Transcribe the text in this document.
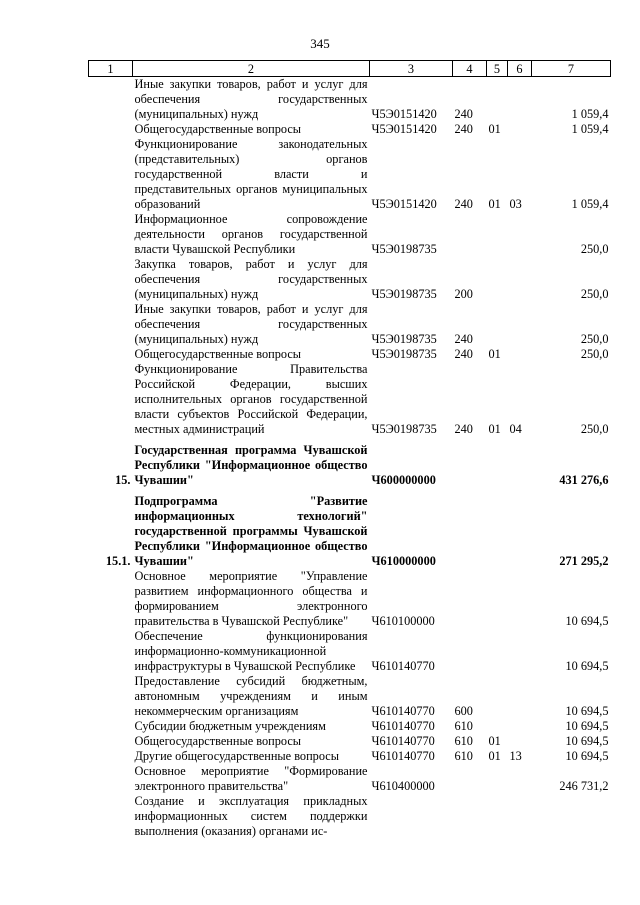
345
1	2	3	4	5	6	7
	Иные закупки товаров, работ и услуг для обеспечения государственных (муниципальных) нужд	Ч5Э0151420	240			1 059,4
	Общегосударственные вопросы	Ч5Э0151420	240	01		1 059,4
	Функционирование законодательных (представительных) органов государственной власти и представительных органов муниципальных образований	Ч5Э0151420	240	01	03	1 059,4
	Информационное сопровождение деятельности органов государственной власти Чувашской Республики	Ч5Э0198735				250,0
	Закупка товаров, работ и услуг для обеспечения государственных (муниципальных) нужд	Ч5Э0198735	200			250,0
	Иные закупки товаров, работ и услуг для обеспечения государственных (муниципальных) нужд	Ч5Э0198735	240			250,0
	Общегосударственные вопросы	Ч5Э0198735	240	01		250,0
	Функционирование Правительства Российской Федерации, высших исполнительных органов государственной власти субъектов Российской Федерации, местных администраций	Ч5Э0198735	240	01	04	250,0

15.	Государственная программа Чувашской Республики "Информационное общество Чувашии"	Ч600000000				431 276,6

15.1.	Подпрограмма "Развитие информационных технологий" государственной программы Чувашской Республики "Информационное общество Чувашии"	Ч610000000				271 295,2
	Основное мероприятие "Управление развитием информационного общества и формированием электронного правительства в Чувашской Республике"	Ч610100000				10 694,5
	Обеспечение функционирования информационно-коммуникационной инфраструктуры в Чувашской Республике	Ч610140770				10 694,5
	Предоставление субсидий бюджетным, автономным учреждениям и иным некоммерческим организациям	Ч610140770	600			10 694,5
	Субсидии бюджетным учреждениям	Ч610140770	610			10 694,5
	Общегосударственные вопросы	Ч610140770	610	01		10 694,5
	Другие общегосударственные вопросы	Ч610140770	610	01	13	10 694,5
	Основное мероприятие "Формирование электронного правительства"	Ч610400000				246 731,2
	Создание и эксплуатация прикладных информационных систем поддержки выполнения (оказания) органами ис-					
